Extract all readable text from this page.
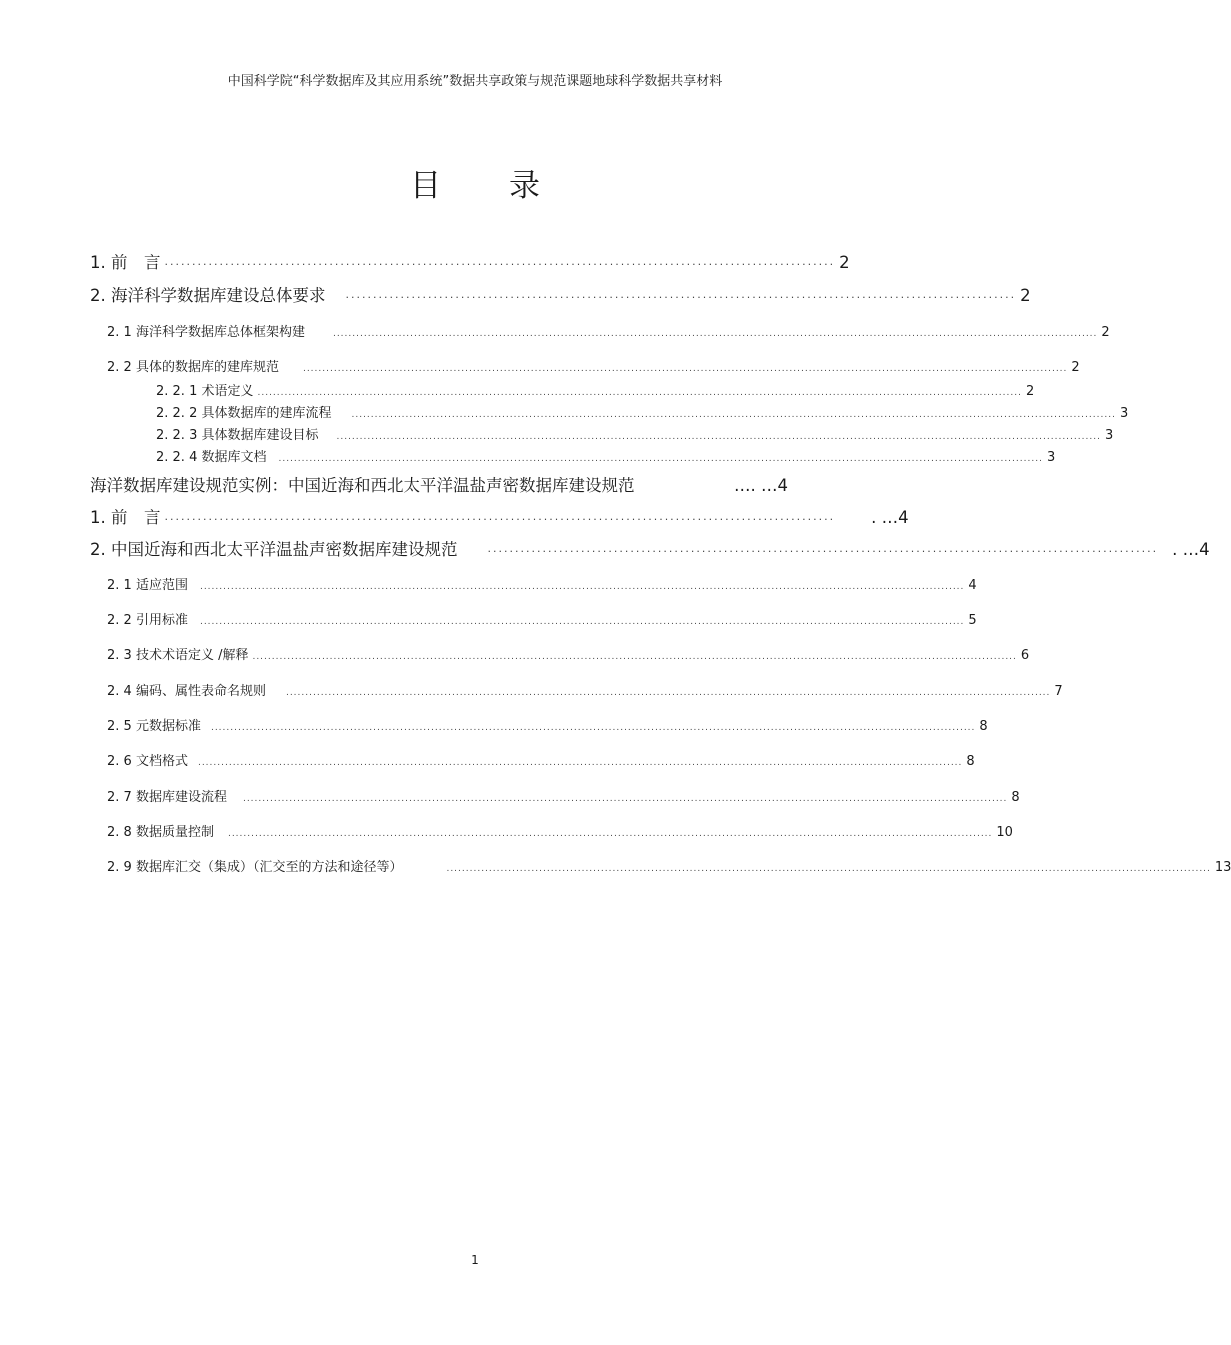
中国科学院“科学数据库及其应用系统”数据共享政策与规范课题地球科学数据共享材料
目 录
1. 前　言 ·························································································································· 2
2. 海洋科学数据库建设总体要求 ·························································································································· 2
2. 1 海洋科学数据库总体框架构建	...................................................................................................................................................................................................... 2
2. 2 具体的数据库的建库规范	...................................................................................................................................................................................................... 2
2. 2. 1 术语定义 ...................................................................................................................................................................................................... 2
2. 2. 2 具体数据库的建库流程 ...................................................................................................................................................................................................... 3
2. 2. 3 具体数据库建设目标 ...................................................................................................................................................................................................... 3
2. 2. 4 数据库文档 ...................................................................................................................................................................................................... 3
海洋数据库建设规范实例：中国近海和西北太平洋温盐声密数据库建设规范	…. …4
1. 前　言 ·························································································································· . …4
2. 中国近海和西北太平洋温盐声密数据库建设规范	·························································································································· . …4
2. 1 适应范围 ...................................................................................................................................................................................................... 4
2. 2 引用标准 ...................................................................................................................................................................................................... 5
2. 3 技术术语定义 /解释 ...................................................................................................................................................................................................... 6
2. 4 编码、属性表命名规则 ...................................................................................................................................................................................................... 7
2. 5 元数据标准 ...................................................................................................................................................................................................... 8
2. 6 文档格式 ...................................................................................................................................................................................................... 8
2. 7 数据库建设流程 ...................................................................................................................................................................................................... 8
2. 8 数据质量控制 ...................................................................................................................................................................................................... 10
2. 9 数据库汇交（集成）（汇交至的方法和途径等）	...................................................................................................................................................................................................... 13
1
